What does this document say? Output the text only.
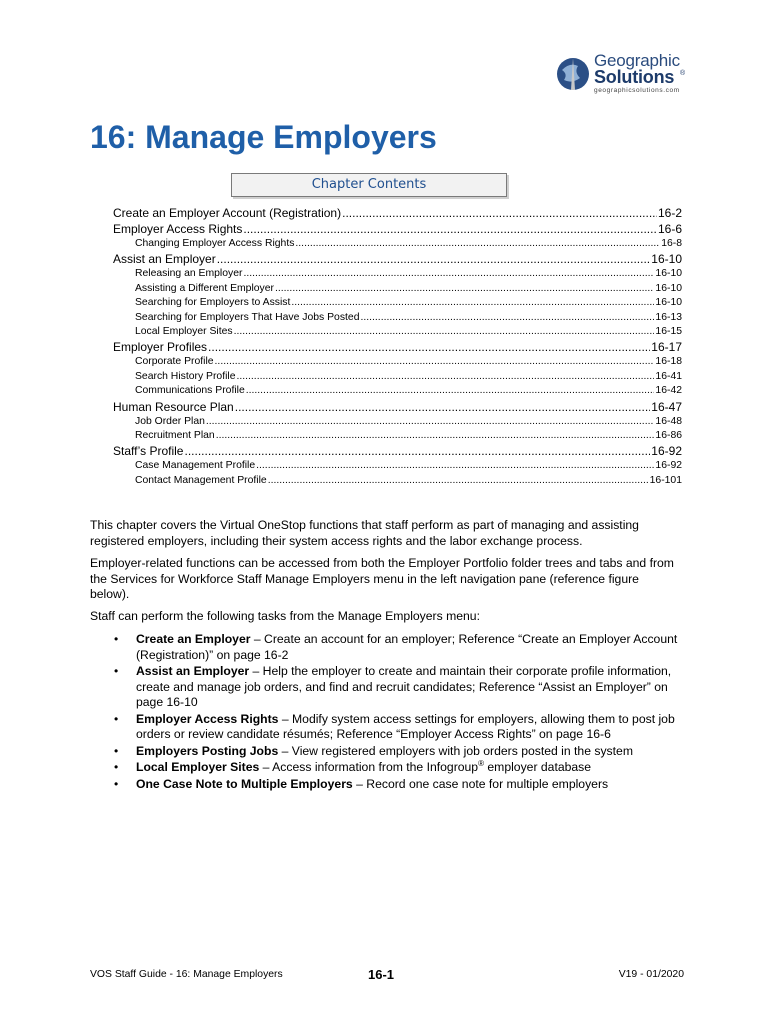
Geographic
Solutions ®
geographicsolutions.com
16: Manage Employers
Chapter Contents
Create an Employer Account (Registration) .....	16-2
Employer Access Rights .....	16-6
Changing Employer Access Rights .....	16-8
Assist an Employer .....	16-10
Releasing an Employer .....	16-10
Assisting a Different Employer .....	16-10
Searching for Employers to Assist .....	16-10
Searching for Employers That Have Jobs Posted .....	16-13
Local Employer Sites .....	16-15
Employer Profiles .....	16-17
Corporate Profile .....	16-18
Search History Profile .....	16-41
Communications Profile .....	16-42
Human Resource Plan .....	16-47
Job Order Plan .....	16-48
Recruitment Plan .....	16-86
Staff’s Profile .....	16-92
Case Management Profile .....	16-92
Contact Management Profile .....	16-101
This chapter covers the Virtual OneStop functions that staff perform as part of managing and assisting registered employers, including their system access rights and the labor exchange process.
Employer-related functions can be accessed from both the Employer Portfolio folder trees and tabs and from the Services for Workforce Staff Manage Employers menu in the left navigation pane (reference figure below).
Staff can perform the following tasks from the Manage Employers menu:
• Create an Employer – Create an account for an employer; Reference “Create an Employer Account (Registration)” on page 16-2
• Assist an Employer – Help the employer to create and maintain their corporate profile information, create and manage job orders, and find and recruit candidates; Reference “Assist an Employer” on page 16-10
• Employer Access Rights – Modify system access settings for employers, allowing them to post job orders or review candidate résumés; Reference “Employer Access Rights” on page 16-6
• Employers Posting Jobs – View registered employers with job orders posted in the system
• Local Employer Sites – Access information from the Infogroup® employer database
• One Case Note to Multiple Employers – Record one case note for multiple employers
VOS Staff Guide - 16: Manage Employers	16-1	V19 - 01/2020
